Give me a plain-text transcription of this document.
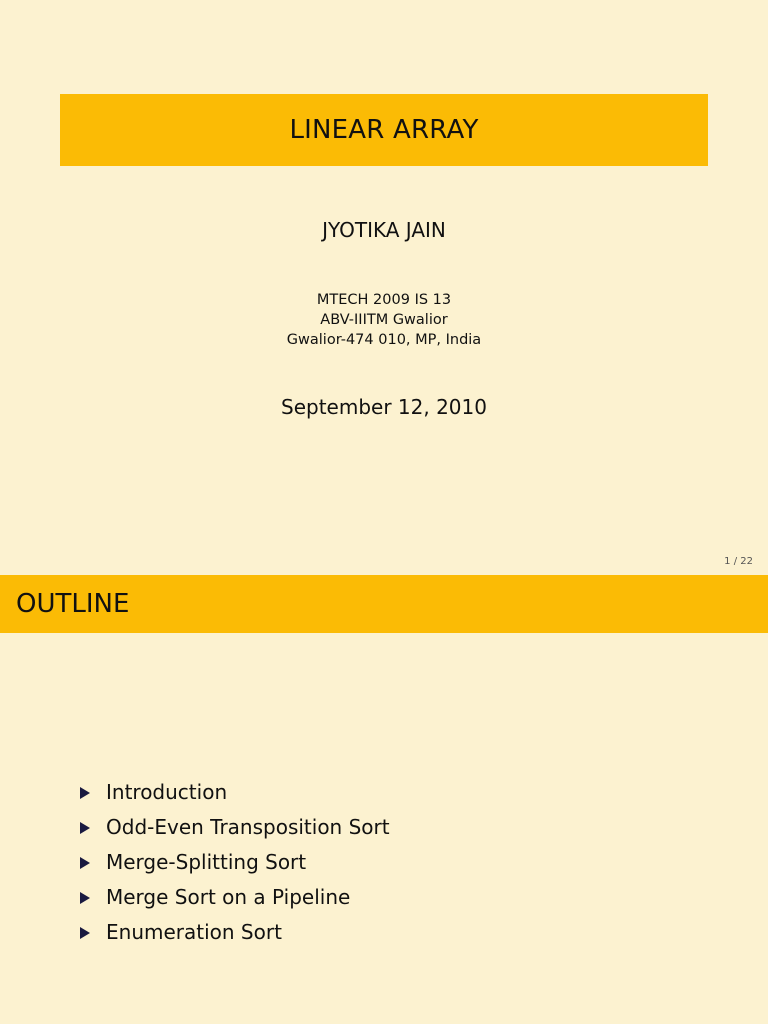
LINEAR ARRAY
JYOTIKA JAIN
MTECH 2009 IS 13
ABV-IIITM Gwalior
Gwalior-474 010, MP, India
September 12, 2010
1 / 22
OUTLINE
Introduction
Odd-Even Transposition Sort
Merge-Splitting Sort
Merge Sort on a Pipeline
Enumeration Sort
